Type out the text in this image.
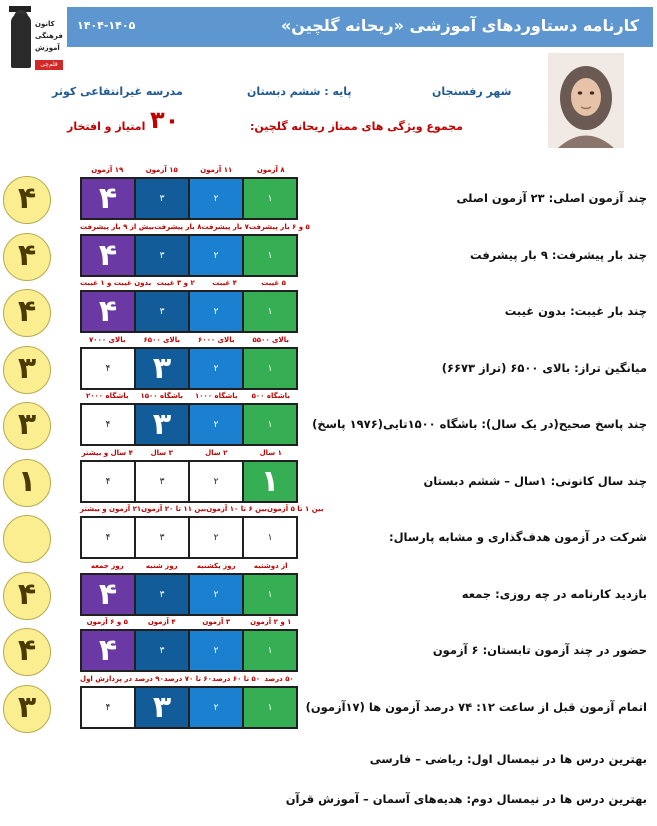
کارنامه دستاوردهای آموزشی «ریحانه گلچین»
۱۴۰۴-۱۴۰۵
کانون
فرهنگی
آموزش
قلم‌چی
شهر رفسنجان
پایه : ششم دبستان
مدرسه غیرانتفاعی کوثر
مجموع ویژگی های ممتاز ریحانه گلچین:
۳۰
امتیاز و افتخار
۱۹ آزمون	۱۵ آزمون	۱۱ آزمون	۸ آزمون
۴	۴	۳	۲	۱	چند آزمون اصلی: ۲۳ آزمون اصلی
بیش از ۹ بار پیشرفت ۸ بار پیشرفت ۷ بار پیشرفت ۵ و ۶ بار پیشرفت
۴	۴	۳	۲	۱	چند بار پیشرفت: ۹ بار پیشرفت
بدون غیبت و ۱ غیبت ۲ و ۳ غیبت	۴ غیبت	۵ غیبت
۴	۴	۳	۲	۱	چند بار غیبت: بدون غیبت
بالای ۷۰۰۰	بالای ۶۵۰۰	بالای ۶۰۰۰	بالای ۵۵۰۰
۳	۴	۳	۲	۱	میانگین تراز: بالای ۶۵۰۰ (تراز ۶۶۷۳)
باشگاه ۲۰۰۰	باشگاه ۱۵۰۰	باشگاه ۱۰۰۰	باشگاه ۵۰۰
۳	۴	۳	۲	۱	چند پاسخ صحیح(در یک سال): باشگاه ۱۵۰۰تایی(۱۹۷۶ پاسخ)
۴ سال و بیشتر	۳ سال	۲ سال	۱ سال
۱	۴	۳	۲	۱	چند سال کانونی: ۱سال – ششم دبستان
۲۱ آزمون و بیشتر بین ۱۱ تا ۲۰ آزمون بین ۶ تا ۱۰ آزمون بین ۱ تا ۵ آزمون
۴	۳	۲	۱	شرکت در آزمون هدف‌گذاری و مشابه پارسال:
روز جمعه	روز شنبه	روز یکشنبه	از دوشنبه
۴	۴	۳	۲	۱	بازدید کارنامه در چه روزی: جمعه
۵ و ۶ آزمون	۴ آزمون	۳ آزمون	۱ و ۲ آزمون
۴	۴	۳	۲	۱	حضور در چند آزمون تابستان: ۶ آزمون
۹۰ درصد در پردازش اول ۶۰ تا ۷۰ درصد ۵۰ تا ۶۰ درصد ۵۰ درصد
۳	۴	۳	۲	۱	اتمام آزمون قبل از ساعت ۱۲: ۷۴ درصد آزمون ها (۱۷آزمون)
بهترین درس ها در نیمسال اول: ریاضی – فارسی
بهترین درس ها در نیمسال دوم: هدیه‌های آسمان – آموزش قرآن
